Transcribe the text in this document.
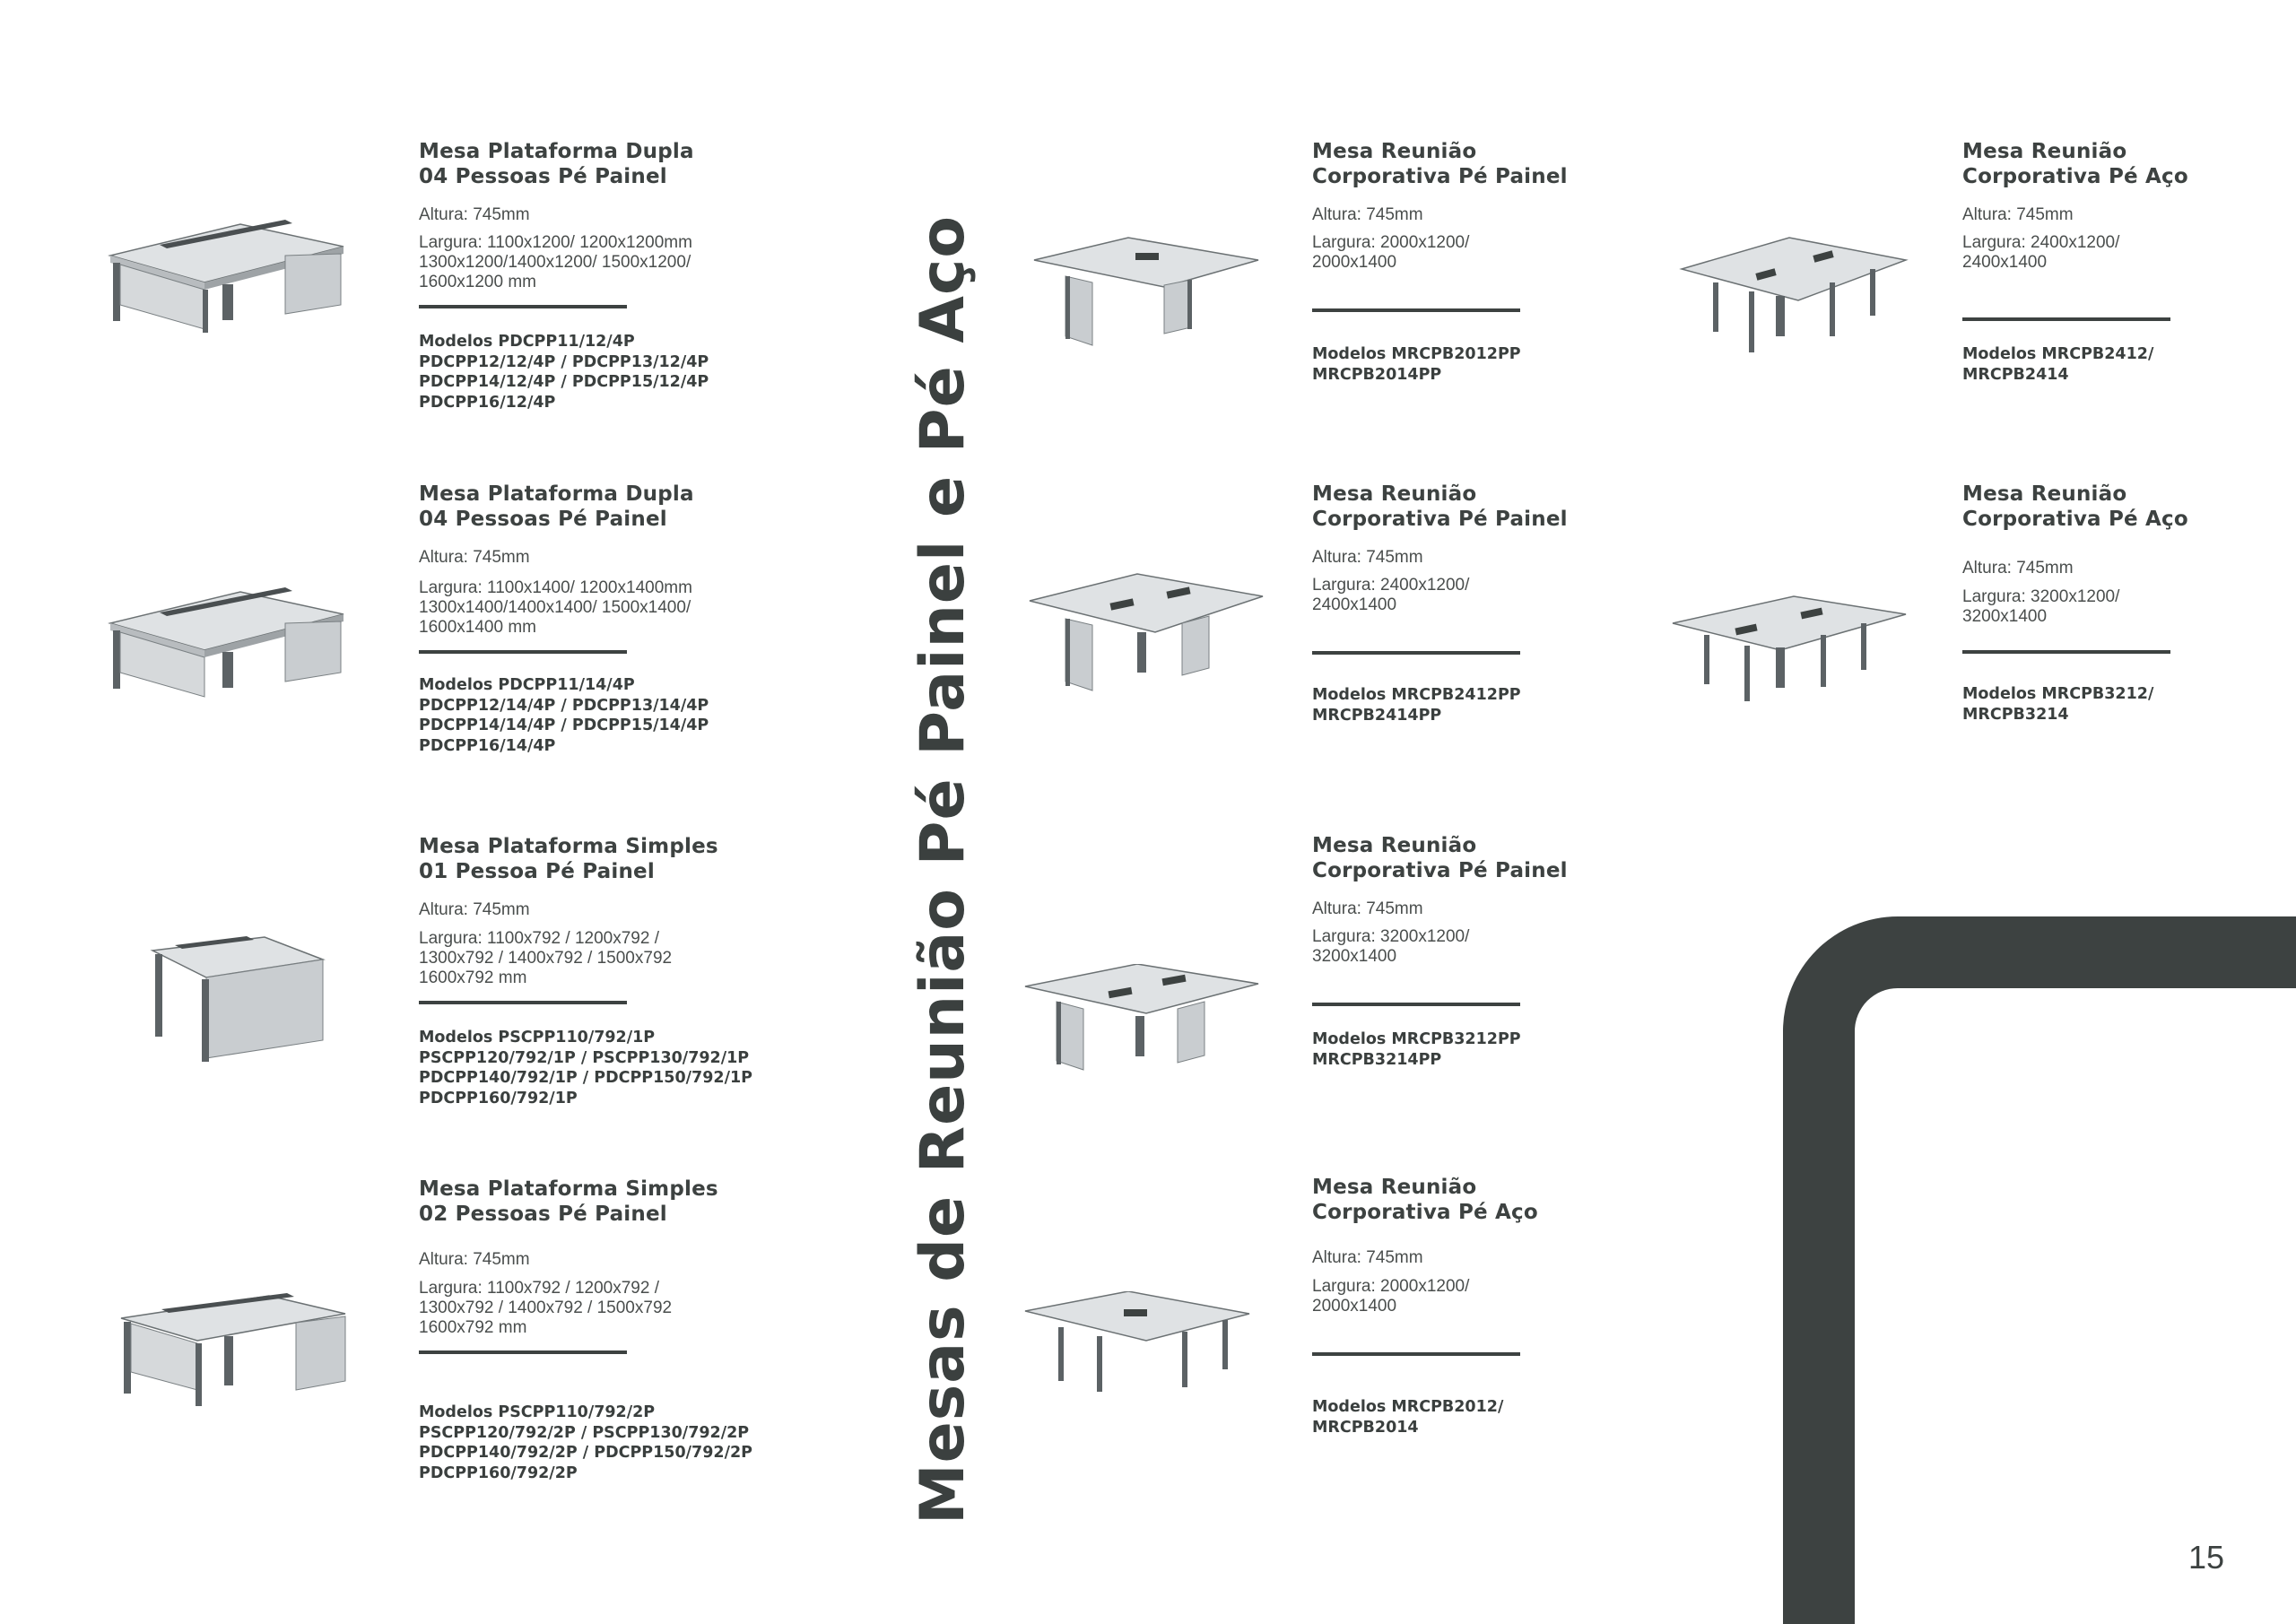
Mesas de Reunião Pé Painel e Pé Aço
15
Mesa Plataforma Dupla
04 Pessoas Pé Painel
Altura: 745mm
Largura: 1100x1200/ 1200x1200mm
1300x1200/1400x1200/ 1500x1200/
1600x1200 mm
Modelos PDCPP11/12/4P
PDCPP12/12/4P / PDCPP13/12/4P
PDCPP14/12/4P / PDCPP15/12/4P
PDCPP16/12/4P
Mesa Plataforma Dupla
04 Pessoas Pé Painel
Altura: 745mm
Largura: 1100x1400/ 1200x1400mm
1300x1400/1400x1400/ 1500x1400/
1600x1400 mm
Modelos PDCPP11/14/4P
PDCPP12/14/4P / PDCPP13/14/4P
PDCPP14/14/4P / PDCPP15/14/4P
PDCPP16/14/4P
Mesa Plataforma Simples
01 Pessoa Pé Painel
Altura: 745mm
Largura: 1100x792 / 1200x792 /
1300x792 / 1400x792 / 1500x792
1600x792 mm
Modelos PSCPP110/792/1P
PSCPP120/792/1P / PSCPP130/792/1P
PDCPP140/792/1P / PDCPP150/792/1P
PDCPP160/792/1P
Mesa Plataforma Simples
02 Pessoas Pé Painel
Altura: 745mm
Largura: 1100x792 / 1200x792 /
1300x792 / 1400x792 / 1500x792
1600x792 mm
Modelos PSCPP110/792/2P
PSCPP120/792/2P / PSCPP130/792/2P
PDCPP140/792/2P / PDCPP150/792/2P
PDCPP160/792/2P
Mesa Reunião
Corporativa Pé Painel
Altura: 745mm
Largura: 2000x1200/
2000x1400
Modelos MRCPB2012PP
MRCPB2014PP
Mesa Reunião
Corporativa Pé Painel
Altura: 745mm
Largura: 2400x1200/
2400x1400
Modelos MRCPB2412PP
MRCPB2414PP
Mesa Reunião
Corporativa Pé Painel
Altura: 745mm
Largura: 3200x1200/
3200x1400
Modelos MRCPB3212PP
MRCPB3214PP
Mesa Reunião
Corporativa Pé Aço
Altura: 745mm
Largura: 2000x1200/
2000x1400
Modelos MRCPB2012/
MRCPB2014
Mesa Reunião
Corporativa Pé Aço
Altura: 745mm
Largura: 2400x1200/
2400x1400
Modelos MRCPB2412/
MRCPB2414
Mesa Reunião
Corporativa Pé Aço
Altura: 745mm
Largura: 3200x1200/
3200x1400
Modelos MRCPB3212/
MRCPB3214
